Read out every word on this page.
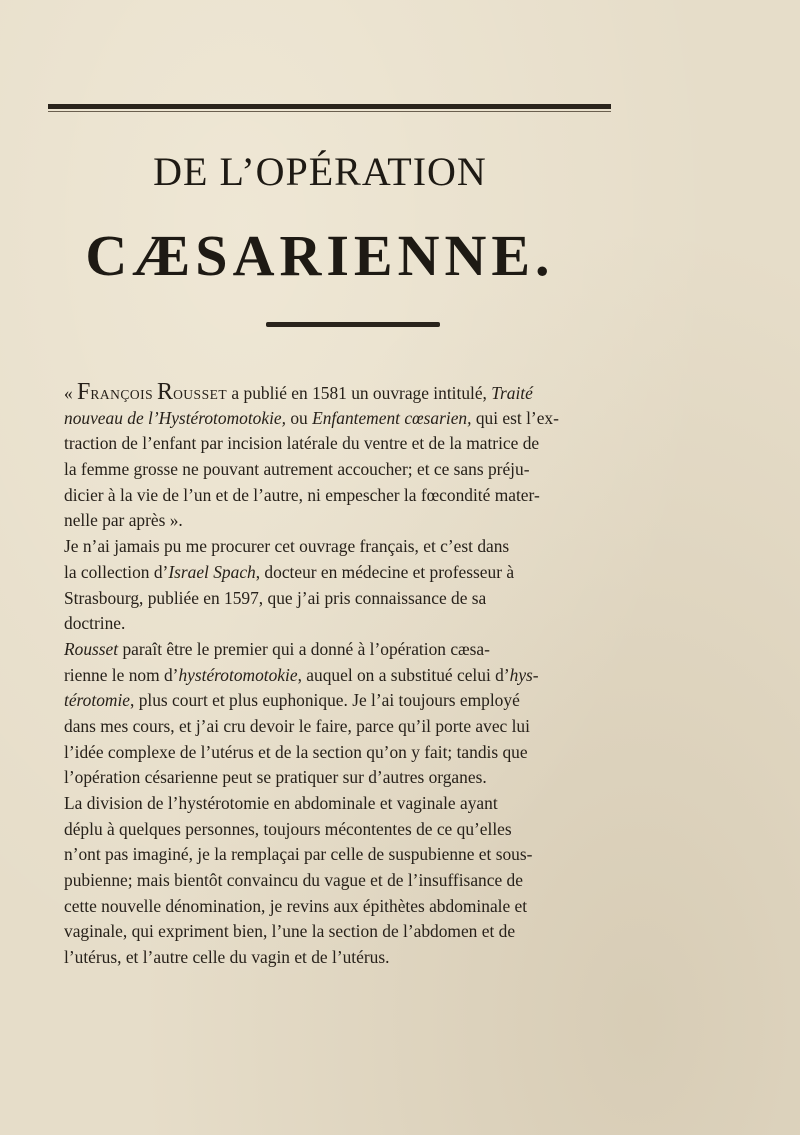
DE L’OPÉRATION
CÆSARIENNE.
« FRANÇOIS ROUSSET a publié en 1581 un ouvrage intitulé, Traité
nouveau de l’Hystérotomotokie, ou Enfantement cœsarien, qui est l’ex-
traction de l’enfant par incision latérale du ventre et de la matrice de
la femme grosse ne pouvant autrement accoucher; et ce sans préju-
dicier à la vie de l’un et de l’autre, ni empescher la fœcondité mater-
nelle par après ».
Je n’ai jamais pu me procurer cet ouvrage français, et c’est dans
la collection d’Israel Spach, docteur en médecine et professeur à
Strasbourg, publiée en 1597, que j’ai pris connaissance de sa
doctrine.
Rousset paraît être le premier qui a donné à l’opération cæsa-
rienne le nom d’hystérotomotokie, auquel on a substitué celui d’hys-
térotomie, plus court et plus euphonique. Je l’ai toujours employé
dans mes cours, et j’ai cru devoir le faire, parce qu’il porte avec lui
l’idée complexe de l’utérus et de la section qu’on y fait; tandis que
l’opération césarienne peut se pratiquer sur d’autres organes.
La division de l’hystérotomie en abdominale et vaginale ayant
déplu à quelques personnes, toujours mécontentes de ce qu’elles
n’ont pas imaginé, je la remplaçai par celle de suspubienne et sous-
pubienne; mais bientôt convaincu du vague et de l’insuffisance de
cette nouvelle dénomination, je revins aux épithètes abdominale et
vaginale, qui expriment bien, l’une la section de l’abdomen et de
l’utérus, et l’autre celle du vagin et de l’utérus.
